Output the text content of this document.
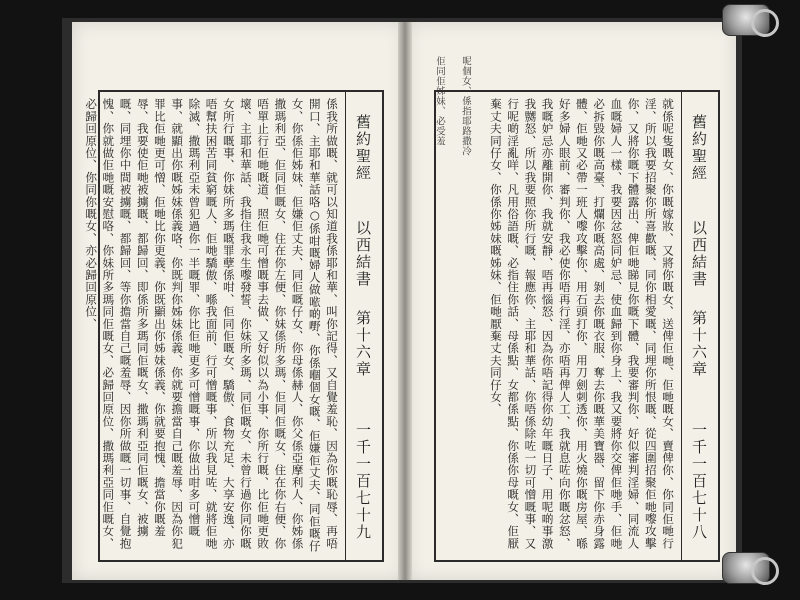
舊約聖經
以西結書
第十六章
一千一百七十九

係我所做嘅、就可以知道我係耶和華、叫你記得、又自覺羞恥、因為你嘅恥辱、再唔開口、主耶和華話咯○係咁嘅婦人做𠵱啲嘢、你係嗰個女嘅、佢嫌佢丈夫、同佢嘅仔女、你係佢姊妹、佢嫌佢丈夫、同佢嘅仔女、你母係赫人、你父係亞摩利人、你姊係撒瑪利亞、佢同佢嘅女、住在你左便、你妹係所多瑪、佢同佢嘅女、住在你右便、你唔單止行佢哋嘅道、照佢哋可憎嘅事去做、又好似以為小事、你所行嘅、比佢哋更敗壞、主耶和華話、我指住我永生嚟發誓、你妹所多瑪、同佢嘅女、未曾行過你同你嘅女所行嘅事、你妹所多瑪嘅罪孽係咁、佢同佢嘅女、驕傲、食物充足、大享安逸、亦唔幫扶困苦同貧窮嘅人、佢哋驕傲、喺我面前、行可憎嘅事、所以我見咗、就將佢哋除滅、撒瑪利亞未曾犯過你一半嘅罪、你比佢哋更多可憎嘅事、你做出咁多可憎嘅事、就顯出你嘅姊妹係義咯、你既判你姊妹係義、你就要擔當自己嘅羞辱、因為你犯罪比佢哋更可憎、佢哋比你更義、你既顯出你姊妹係義、你就要抱愧、擔當你嘅羞辱、我要使佢哋被擄嘅、都歸回、即係所多瑪同佢嘅女、撒瑪利亞同佢嘅女、被擄嘅、同埋你中間被擄嘅、都歸回、等你擔當自己嘅羞辱、因你所做嘅一切事、自覺抱愧、你就做佢哋嘅安慰咯、你妹所多瑪同佢嘅女、必歸回原位、撒瑪利亞同佢嘅女、必歸回原位、你同你嘅女、亦必歸回原位、	佢同佢姊妹、必受羞 呢個女、係指耶路撒冷	舊約聖經
以西結書
第十六章
一千一百七十八

就係呢隻嘅女、你嘅嫁妝、又將你嘅女、送俾佢哋、佢哋嘅女、賣俾你、你同佢哋行淫、所以我要招聚你所喜歡嘅、同你相愛嘅、同埋你所恨嘅、從四圍招聚佢哋嚟攻擊你、又將你嘅下體露出、俾佢哋睇見你嘅下體、我要審判你、好似審判淫婦、同流人血嘅婦人一樣、我要因忿怒同妒忌、使血歸到你身上、我又要將你交俾佢哋手、佢哋必拆毀你嘅高臺、打爛你嘅高處、剝去你嘅衣服、奪去你嘅華美寶器、留下你赤身露體、佢哋又必帶一班人嚟攻擊你、用石頭打你、用刀劍刺透你、用火燒你嘅房屋、喺好多婦人眼前、審判你、我必使你唔再行淫、亦唔再俾人工、我就息咗向你嘅忿怒、我嘅妒忌亦離開你、我就安靜、唔再惱怒、因為你唔記得你幼年嘅日子、用呢啲事激我嬲怒、所以我要照你所行嘅、報應你、主耶和華話、你唔係除咗一切可憎嘅事、又行呢啲淫亂咩、凡用俗語嘅、必指住你話、母係點、女都係點、你係你母嘅女、佢厭棄丈夫同仔女、你係你姊妹嘅姊妹、佢哋厭棄丈夫同仔女、
